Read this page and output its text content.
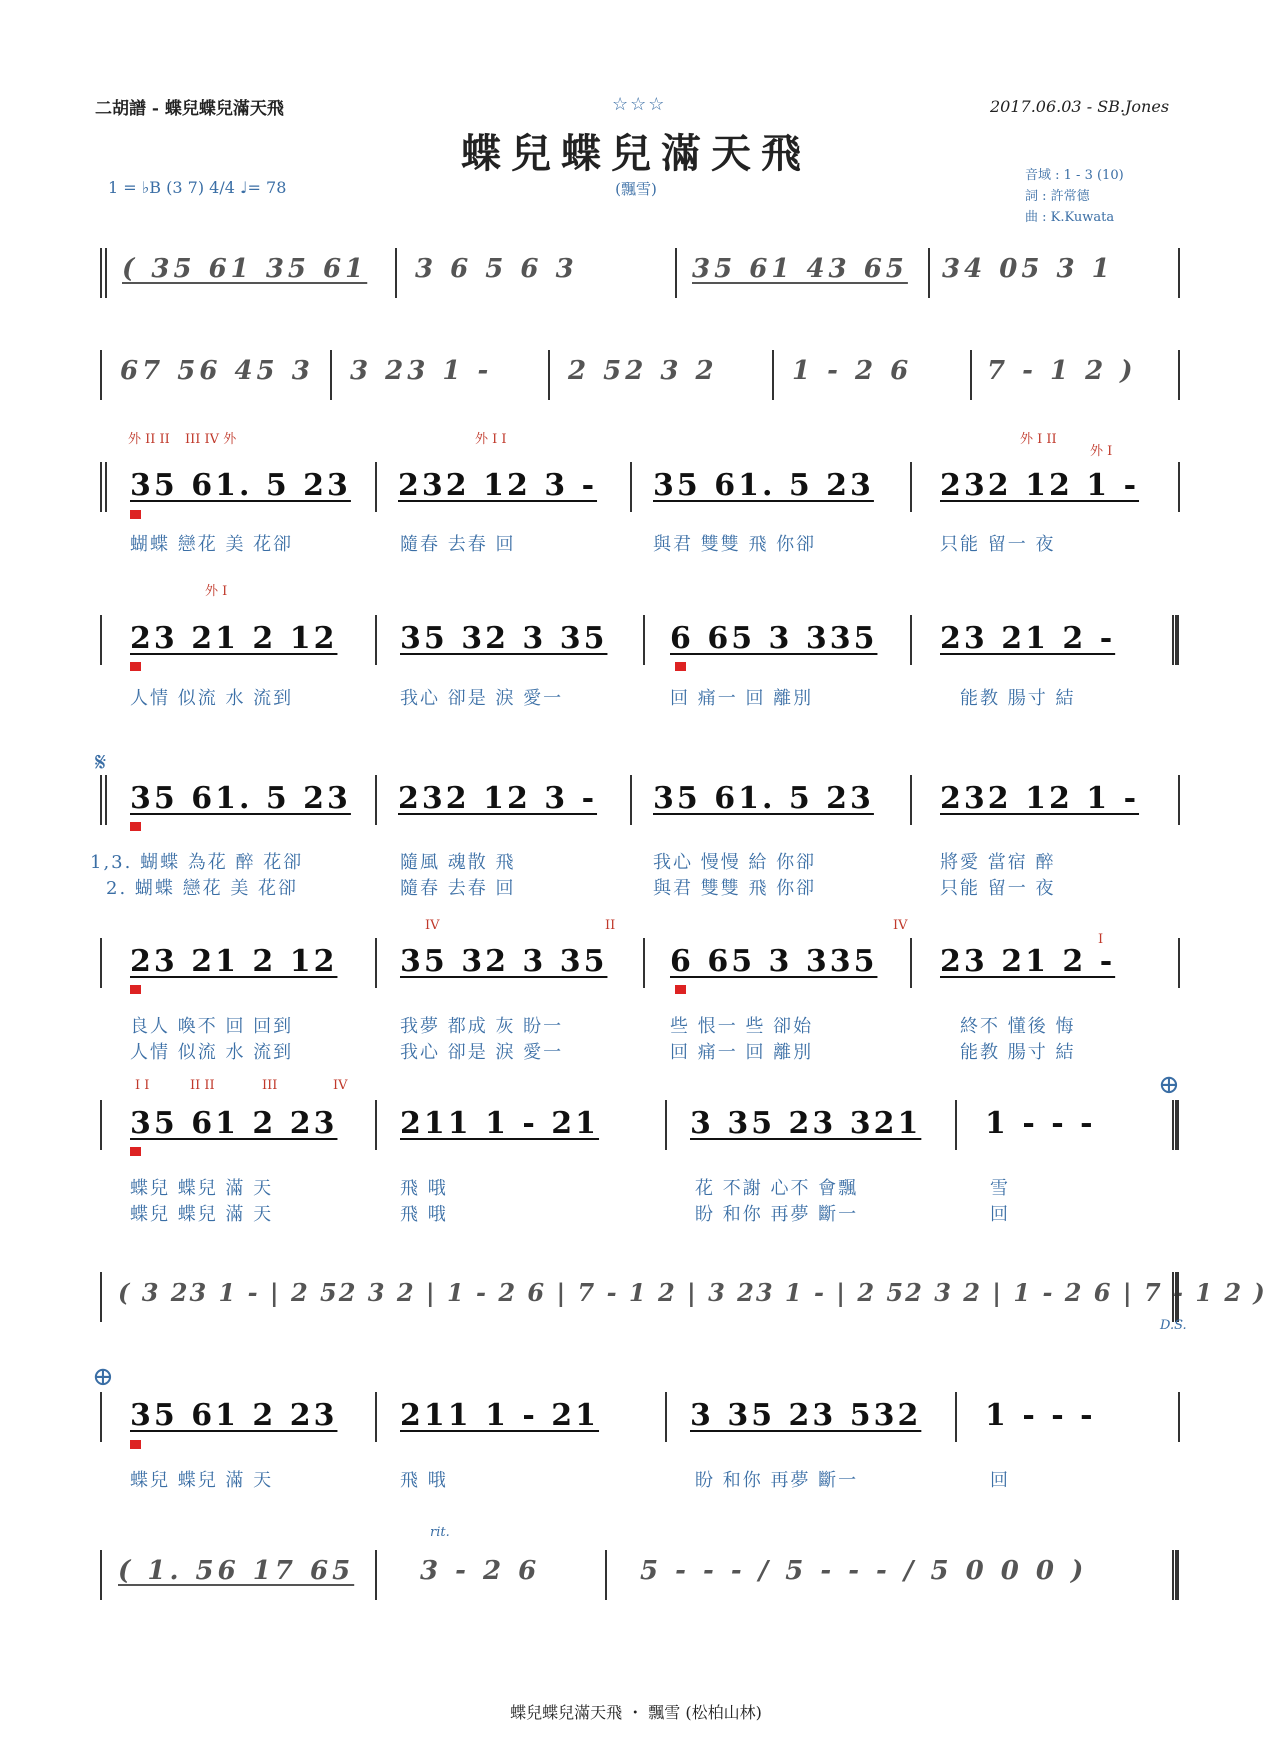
二胡譜 - 蝶兒蝶兒滿天飛	☆☆☆	2017.06.03 - SB.Jones
蝶兒蝶兒滿天飛
(飄雪)
1 = ♭B (3 7) 4/4 ♩= 78
音域 : 1 - 3 (10)
詞 : 許常德
曲 : K.Kuwata
( 35 61 35 61 3 6 5 6 3	35 61 43 65 34 05 3 1
67 56 45 3 3 23 1 -	2 52 3 2	1 - 2 6	7 - 1 2 )
外 II II III IV 外	外 I I	外 I II
外 I
35 61. 5 23 232 12 3 - 35 61. 5 23 232 12 1 -
蝴蝶 戀花 美 花卻	隨春 去春 回	與君 雙雙 飛 你卻	只能 留一 夜
外 I
23 21 2 12 35 32 3 35 6 65 3 335 23 21 2 -
人情 似流 水 流到	我心 卻是 淚 愛一	回 痛一 回 離別	能教 腸寸 結
𝄋
35 61. 5 23 232 12 3 - 35 61. 5 23 232 12 1 -
1,3. 蝴蝶 為花 醉 花卻	隨風 魂散 飛	我心 慢慢 給 你卻	將愛 當宿 醉
2. 蝴蝶 戀花 美 花卻	隨春 去春 回	與君 雙雙 飛 你卻	只能 留一 夜
IV	II	IV
I
23 21 2 12 35 32 3 35 6 65 3 335 23 21 2 -
良人 喚不 回 回到	我夢 都成 灰 盼一	些 恨一 些 卻始	終不 懂後 悔
人情 似流 水 流到	我心 卻是 淚 愛一	回 痛一 回 離別	能教 腸寸 結
I I	II II	III	IV	⊕
35 61 2 23 211 1 - 21	3 35 23 321 1 - - -
蝶兒 蝶兒 滿 天	飛 哦	花 不謝 心不 會飄	雪
蝶兒 蝶兒 滿 天	飛 哦	盼 和你 再夢 斷一	回
( 3 23 1 - | 2 52 3 2 | 1 - 2 6 | 7 - 1 2 | 3 23 1 - | 2 52 3 2 | 1 - 2 6 | 7 - 1 2 )
D.S.
⊕
35 61 2 23 211 1 - 21	3 35 23 532 1 - - -
蝶兒 蝶兒 滿 天	飛 哦	盼 和你 再夢 斷一	回
rit.
( 1. 56 17 65	3 - 2 6	5 - - - / 5 - - - / 5 0 0 0 )
蝶兒蝶兒滿天飛 ・ 飄雪 (松柏山林)
